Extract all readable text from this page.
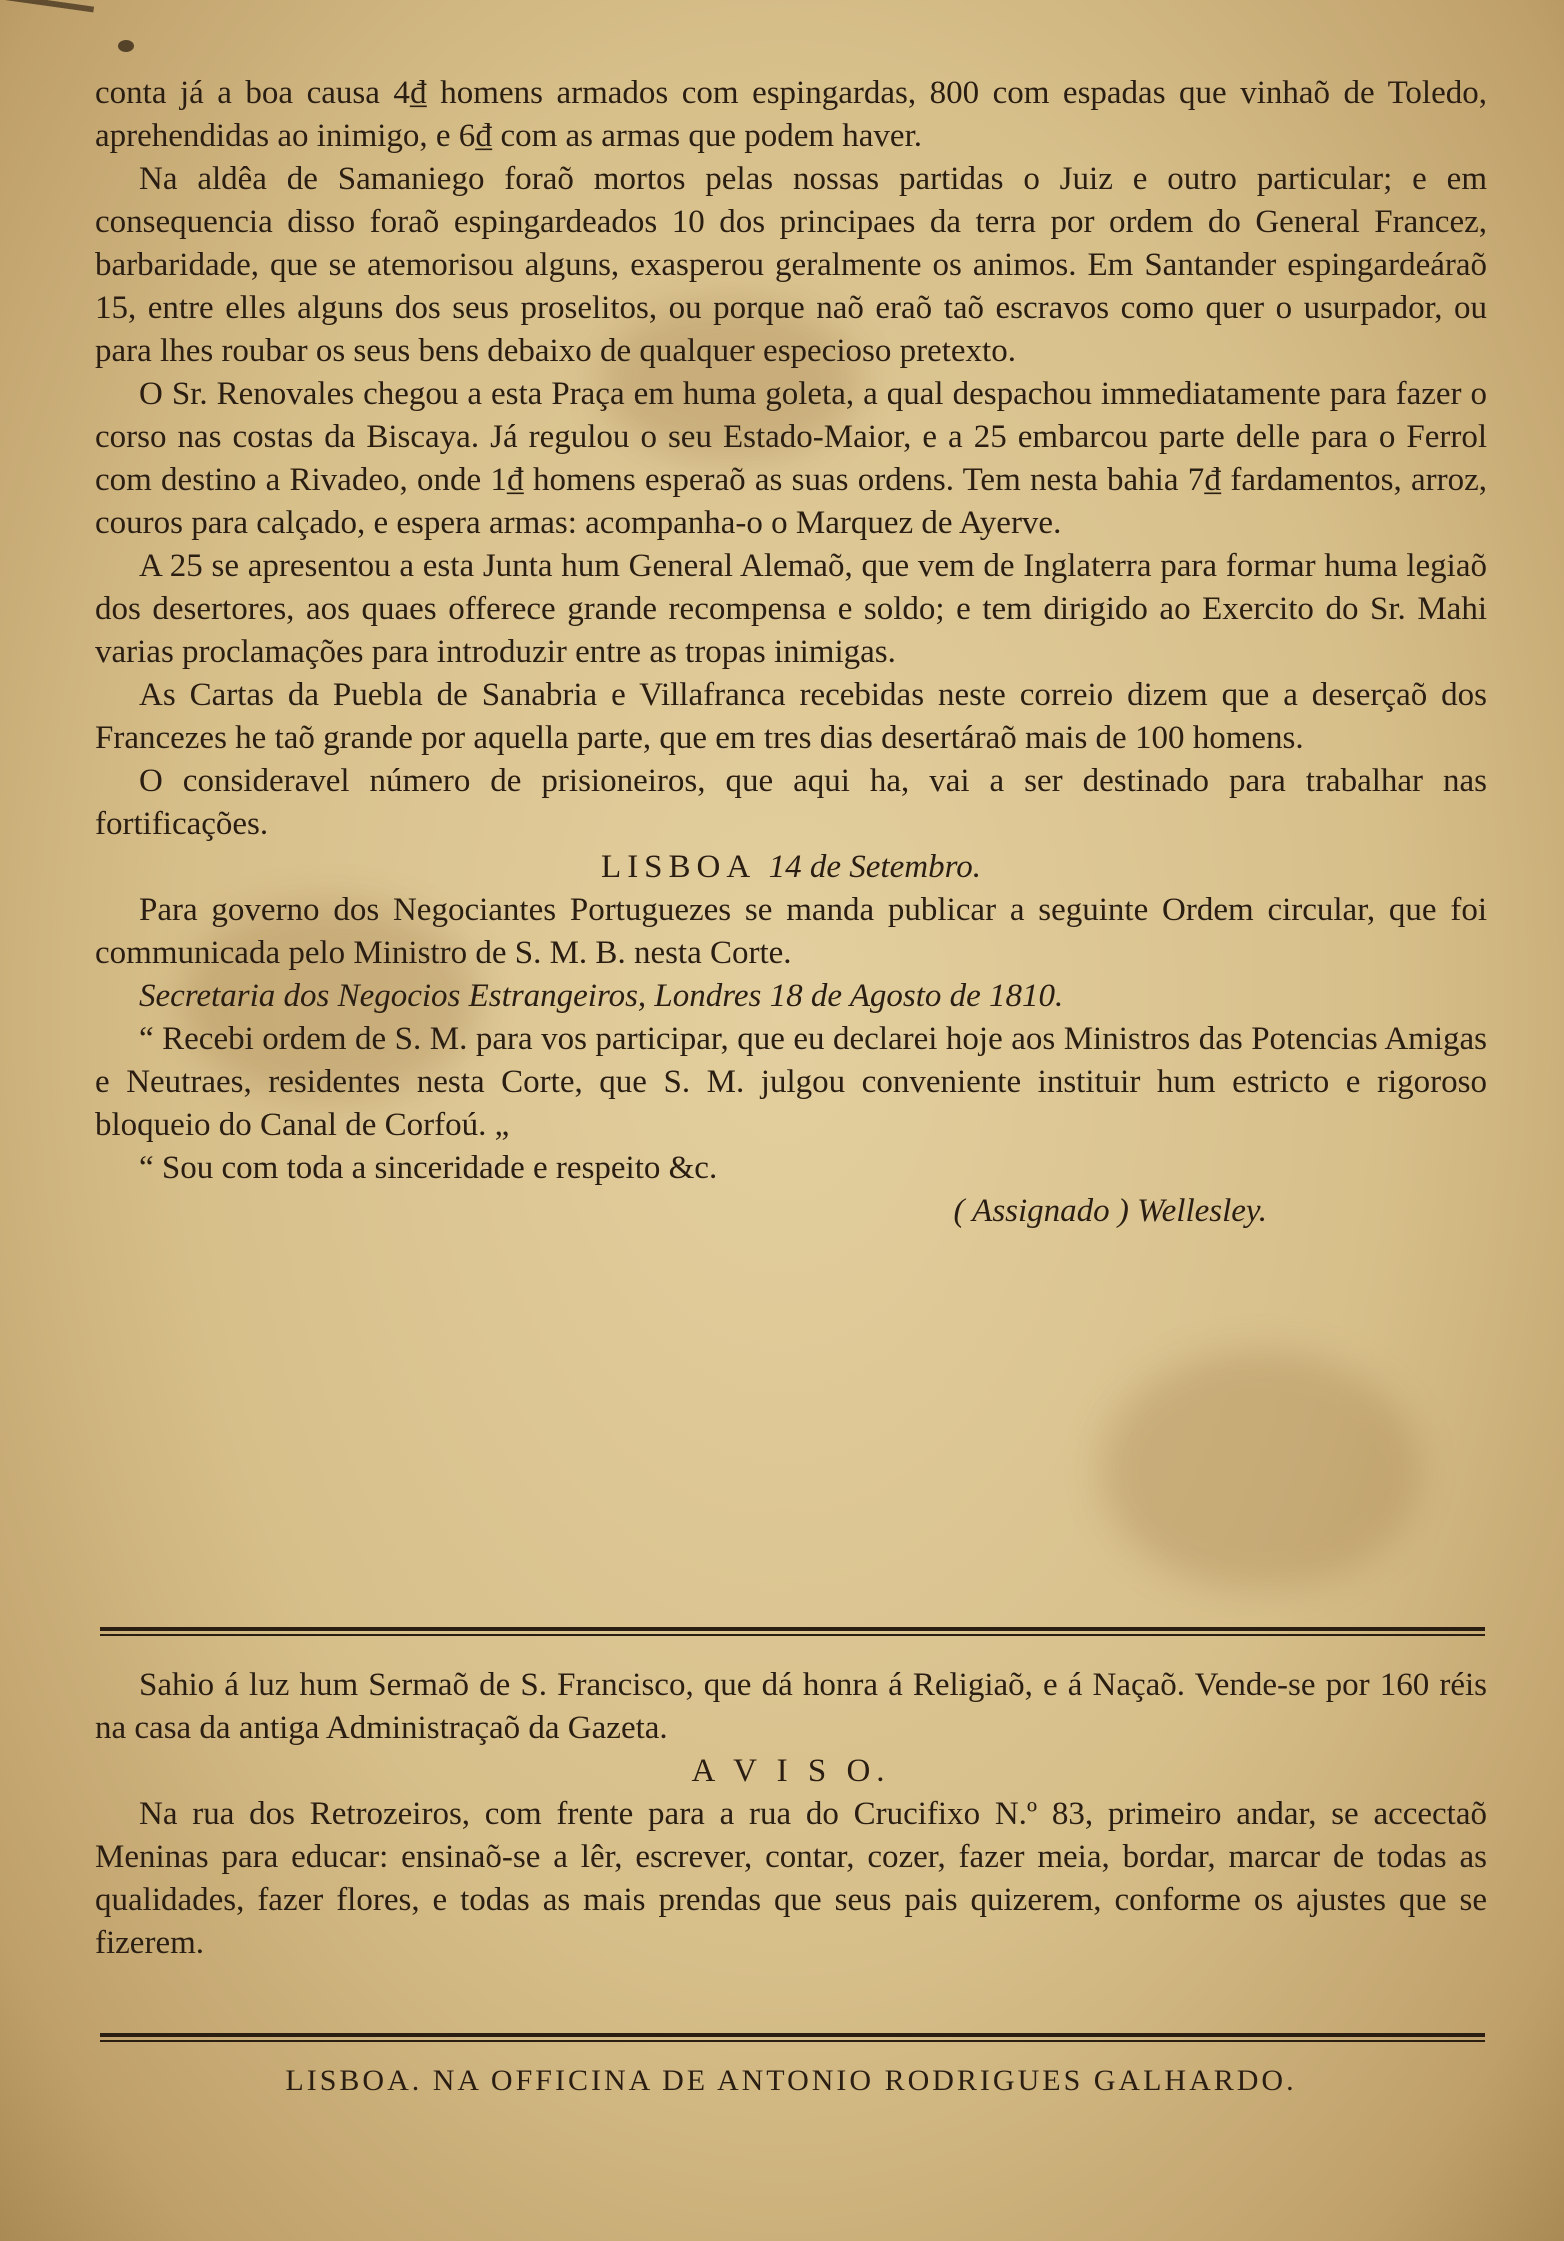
conta já a boa causa 4₫ homens armados com espingardas, 800 com espadas que vinhaõ de Toledo, aprehendidas ao inimigo, e 6₫ com as armas que podem haver.

Na aldêa de Samaniego foraõ mortos pelas nossas partidas o Juiz e outro particular; e em consequencia disso foraõ espingardeados 10 dos principaes da terra por ordem do General Francez, barbaridade, que se atemorisou alguns, exasperou geralmente os animos. Em Santander espingardeáraõ 15, entre elles alguns dos seus proselitos, ou porque naõ eraõ taõ escravos como quer o usurpador, ou para lhes roubar os seus bens debaixo de qualquer especioso pretexto.

O Sr. Renovales chegou a esta Praça em huma goleta, a qual despachou immediatamente para fazer o corso nas costas da Biscaya. Já regulou o seu Estado-Maior, e a 25 embarcou parte delle para o Ferrol com destino a Rivadeo, onde 1₫ homens esperaõ as suas ordens. Tem nesta bahia 7₫ fardamentos, arroz, couros para calçado, e espera armas: acompanha-o o Marquez de Ayerve.

A 25 se apresentou a esta Junta hum General Alemaõ, que vem de Inglaterra para formar huma legiaõ dos desertores, aos quaes offerece grande recompensa e soldo; e tem dirigido ao Exercito do Sr. Mahi varias proclamações para introduzir entre as tropas inimigas.

As Cartas da Puebla de Sanabria e Villafranca recebidas neste correio dizem que a deserçaõ dos Francezes he taõ grande por aquella parte, que em tres dias desertáraõ mais de 100 homens.

O consideravel número de prisioneiros, que aqui ha, vai a ser destinado para trabalhar nas fortificações.

LISBOA 14 de Setembro.

Para governo dos Negociantes Portuguezes se manda publicar a seguinte Ordem circular, que foi communicada pelo Ministro de S. M. B. nesta Corte.

Secretaria dos Negocios Estrangeiros, Londres 18 de Agosto de 1810.

“ Recebi ordem de S. M. para vos participar, que eu declarei hoje aos Ministros das Potencias Amigas e Neutraes, residentes nesta Corte, que S. M. julgou conveniente instituir hum estricto e rigoroso bloqueio do Canal de Corfoú. „

“ Sou com toda a sinceridade e respeito &c.

( Assignado ) Wellesley.

Sahio á luz hum Sermaõ de S. Francisco, que dá honra á Religiaõ, e á Naçaõ. Vende-se por 160 réis na casa da antiga Administraçaõ da Gazeta.

A V I S O.

Na rua dos Retrozeiros, com frente para a rua do Crucifixo N.º 83, primeiro andar, se accectaõ Meninas para educar: ensinaõ-se a lêr, escrever, contar, cozer, fazer meia, bordar, marcar de todas as qualidades, fazer flores, e todas as mais prendas que seus pais quizerem, conforme os ajustes que se fizerem.

LISBOA. NA OFFICINA DE ANTONIO RODRIGUES GALHARDO.
